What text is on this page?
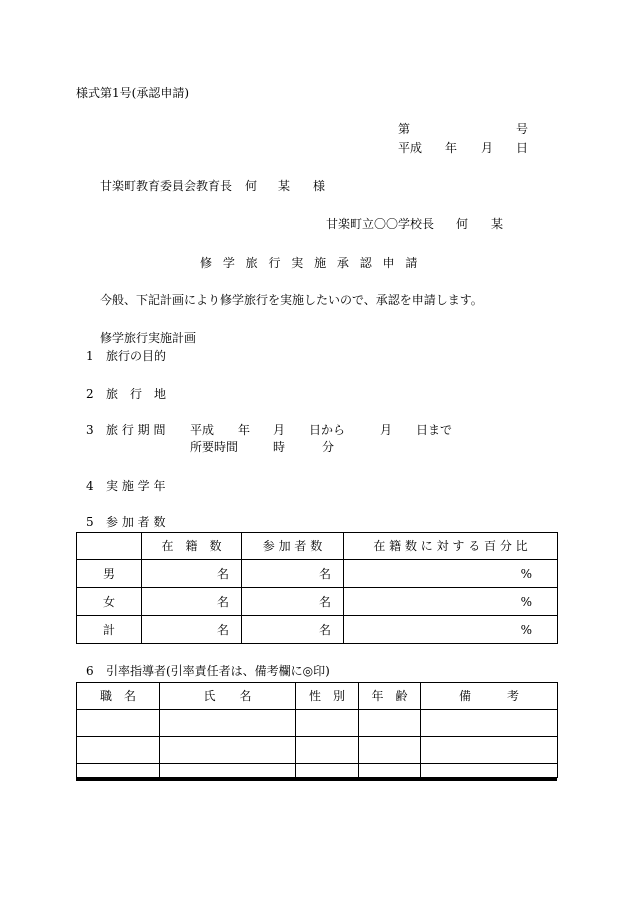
様式第1号(承認申請)
第	号
平成 年 月 日
甘楽町教育委員会教育長 何 某 様
甘楽町立〇〇学校長 何 某
修 学 旅 行 実 施 承 認 申 請
今般、下記計画により修学旅行を実施したいので、承認を申請します。
修学旅行実施計画
1 旅行の目的
2 旅　行　地
3 旅 行 期 間 平成 年 月 日から	月 日まで
所要時間	時	分
4 実 施 学 年
5 参 加 者 数
	在　籍　数	参 加 者 数	在 籍 数 に 対 す る 百 分 比
男	名	名	%
女	名	名	%
計	名	名	%
6 引率指導者(引率責任者は、備考欄に◎印)
職　名	氏　　名	性　別	年　齢	備　　　考
